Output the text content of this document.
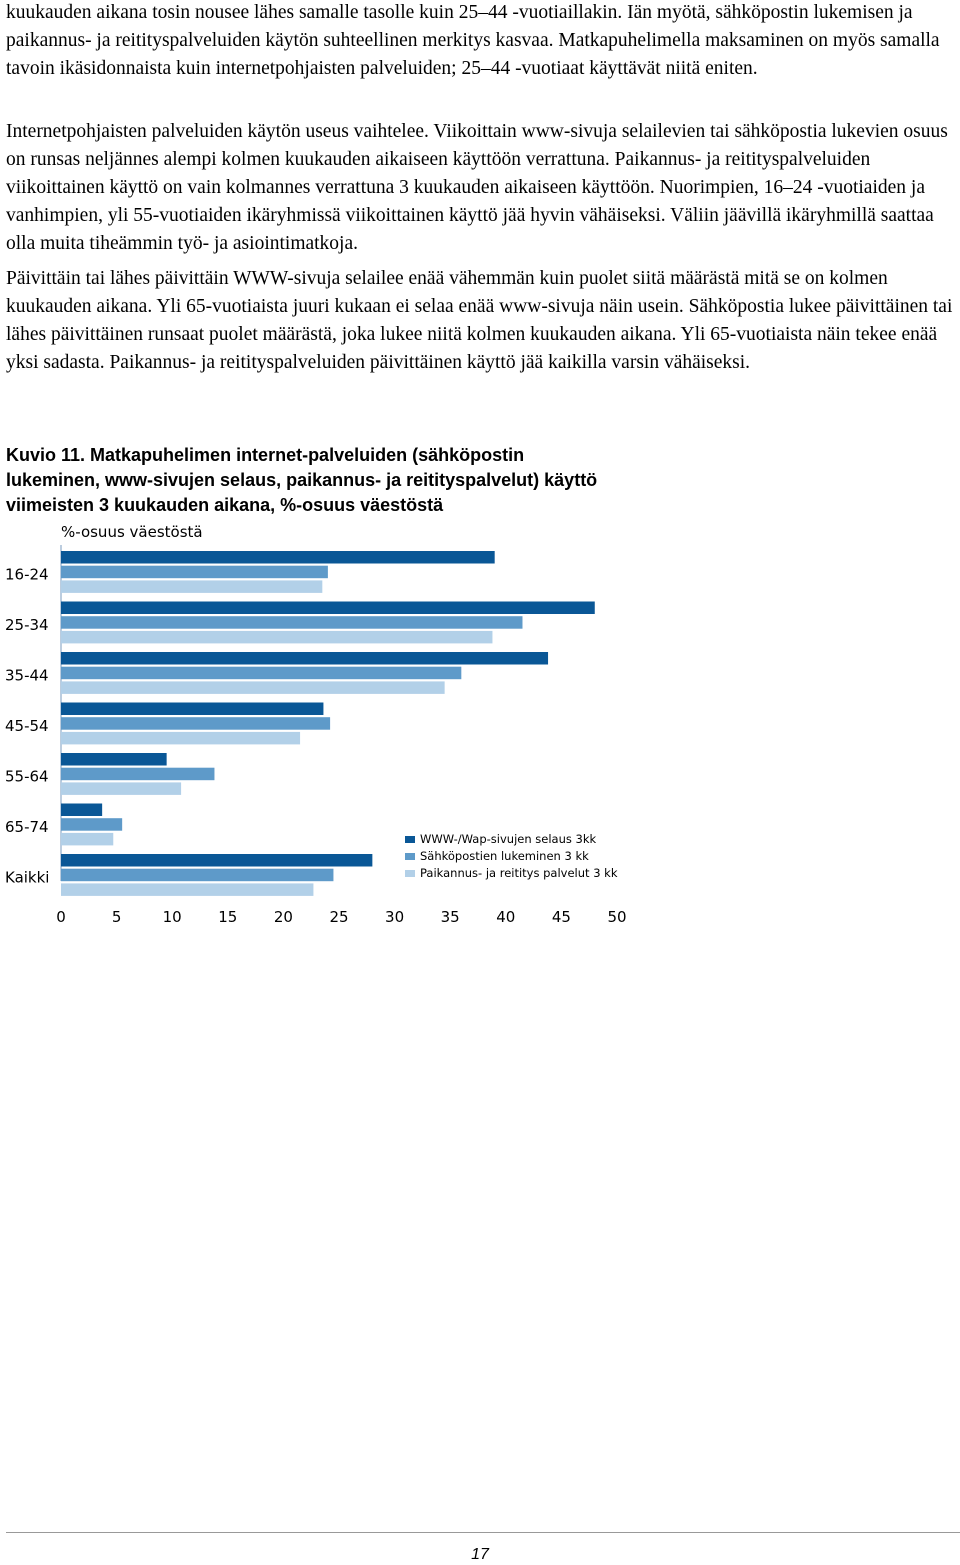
kuukauden aikana tosin nousee lähes samalle tasolle kuin 25–44 -vuotiaillakin. Iän myötä, sähköpostin lukemisen ja paikannus- ja reitityspalveluiden käytön suhteellinen merkitys kasvaa. Matkapuhelimella maksaminen on myös samalla tavoin ikäsidonnaista kuin internetpohjaisten palveluiden; 25–44 -vuotiaat käyttävät niitä eniten.

Internetpohjaisten palveluiden käytön useus vaihtelee. Viikoittain www-sivuja selailevien tai sähköpostia lukevien osuus on runsas neljännes alempi kolmen kuukauden aikaiseen käyttöön verrattuna. Paikannus- ja reitityspalveluiden viikoittainen käyttö on vain kolmannes verrattuna 3 kuukauden aikaiseen käyttöön. Nuorimpien, 16–24 -vuotiaiden ja vanhimpien, yli 55-vuotiaiden ikäryhmissä viikoittainen käyttö jää hyvin vähäiseksi. Väliin jäävillä ikäryhmillä saattaa olla muita tiheämmin työ- ja asiointimatkoja.

Päivittäin tai lähes päivittäin WWW-sivuja selailee enää vähemmän kuin puolet siitä määrästä mitä se on kolmen kuukauden aikana. Yli 65-vuotiaista juuri kukaan ei selaa enää www-sivuja näin usein. Sähköpostia lukee päivittäinen tai lähes päivittäinen runsaat puolet määrästä, joka lukee niitä kolmen kuukauden aikana. Yli 65-vuotiaista näin tekee enää yksi sadasta. Paikannus- ja reitityspalveluiden päivittäinen käyttö jää kaikilla varsin vähäiseksi.

Kuvio 11. Matkapuhelimen internet-palveluiden (sähköpostin
lukeminen, www-sivujen selaus, paikannus- ja reitityspalvelut) käyttö
viimeisten 3 kuukauden aikana, %-osuus väestöstä
%-osuus väestöstä
16-24
25-34
35-44
45-54
55-64
65-74
Kaikki
0	5	10 15 20 25 30 35 40 45 50
WWW-/Wap-sivujen selaus 3kk
Sähköpostien lukeminen 3 kk
Paikannus- ja reititys palvelut 3 kk
17
